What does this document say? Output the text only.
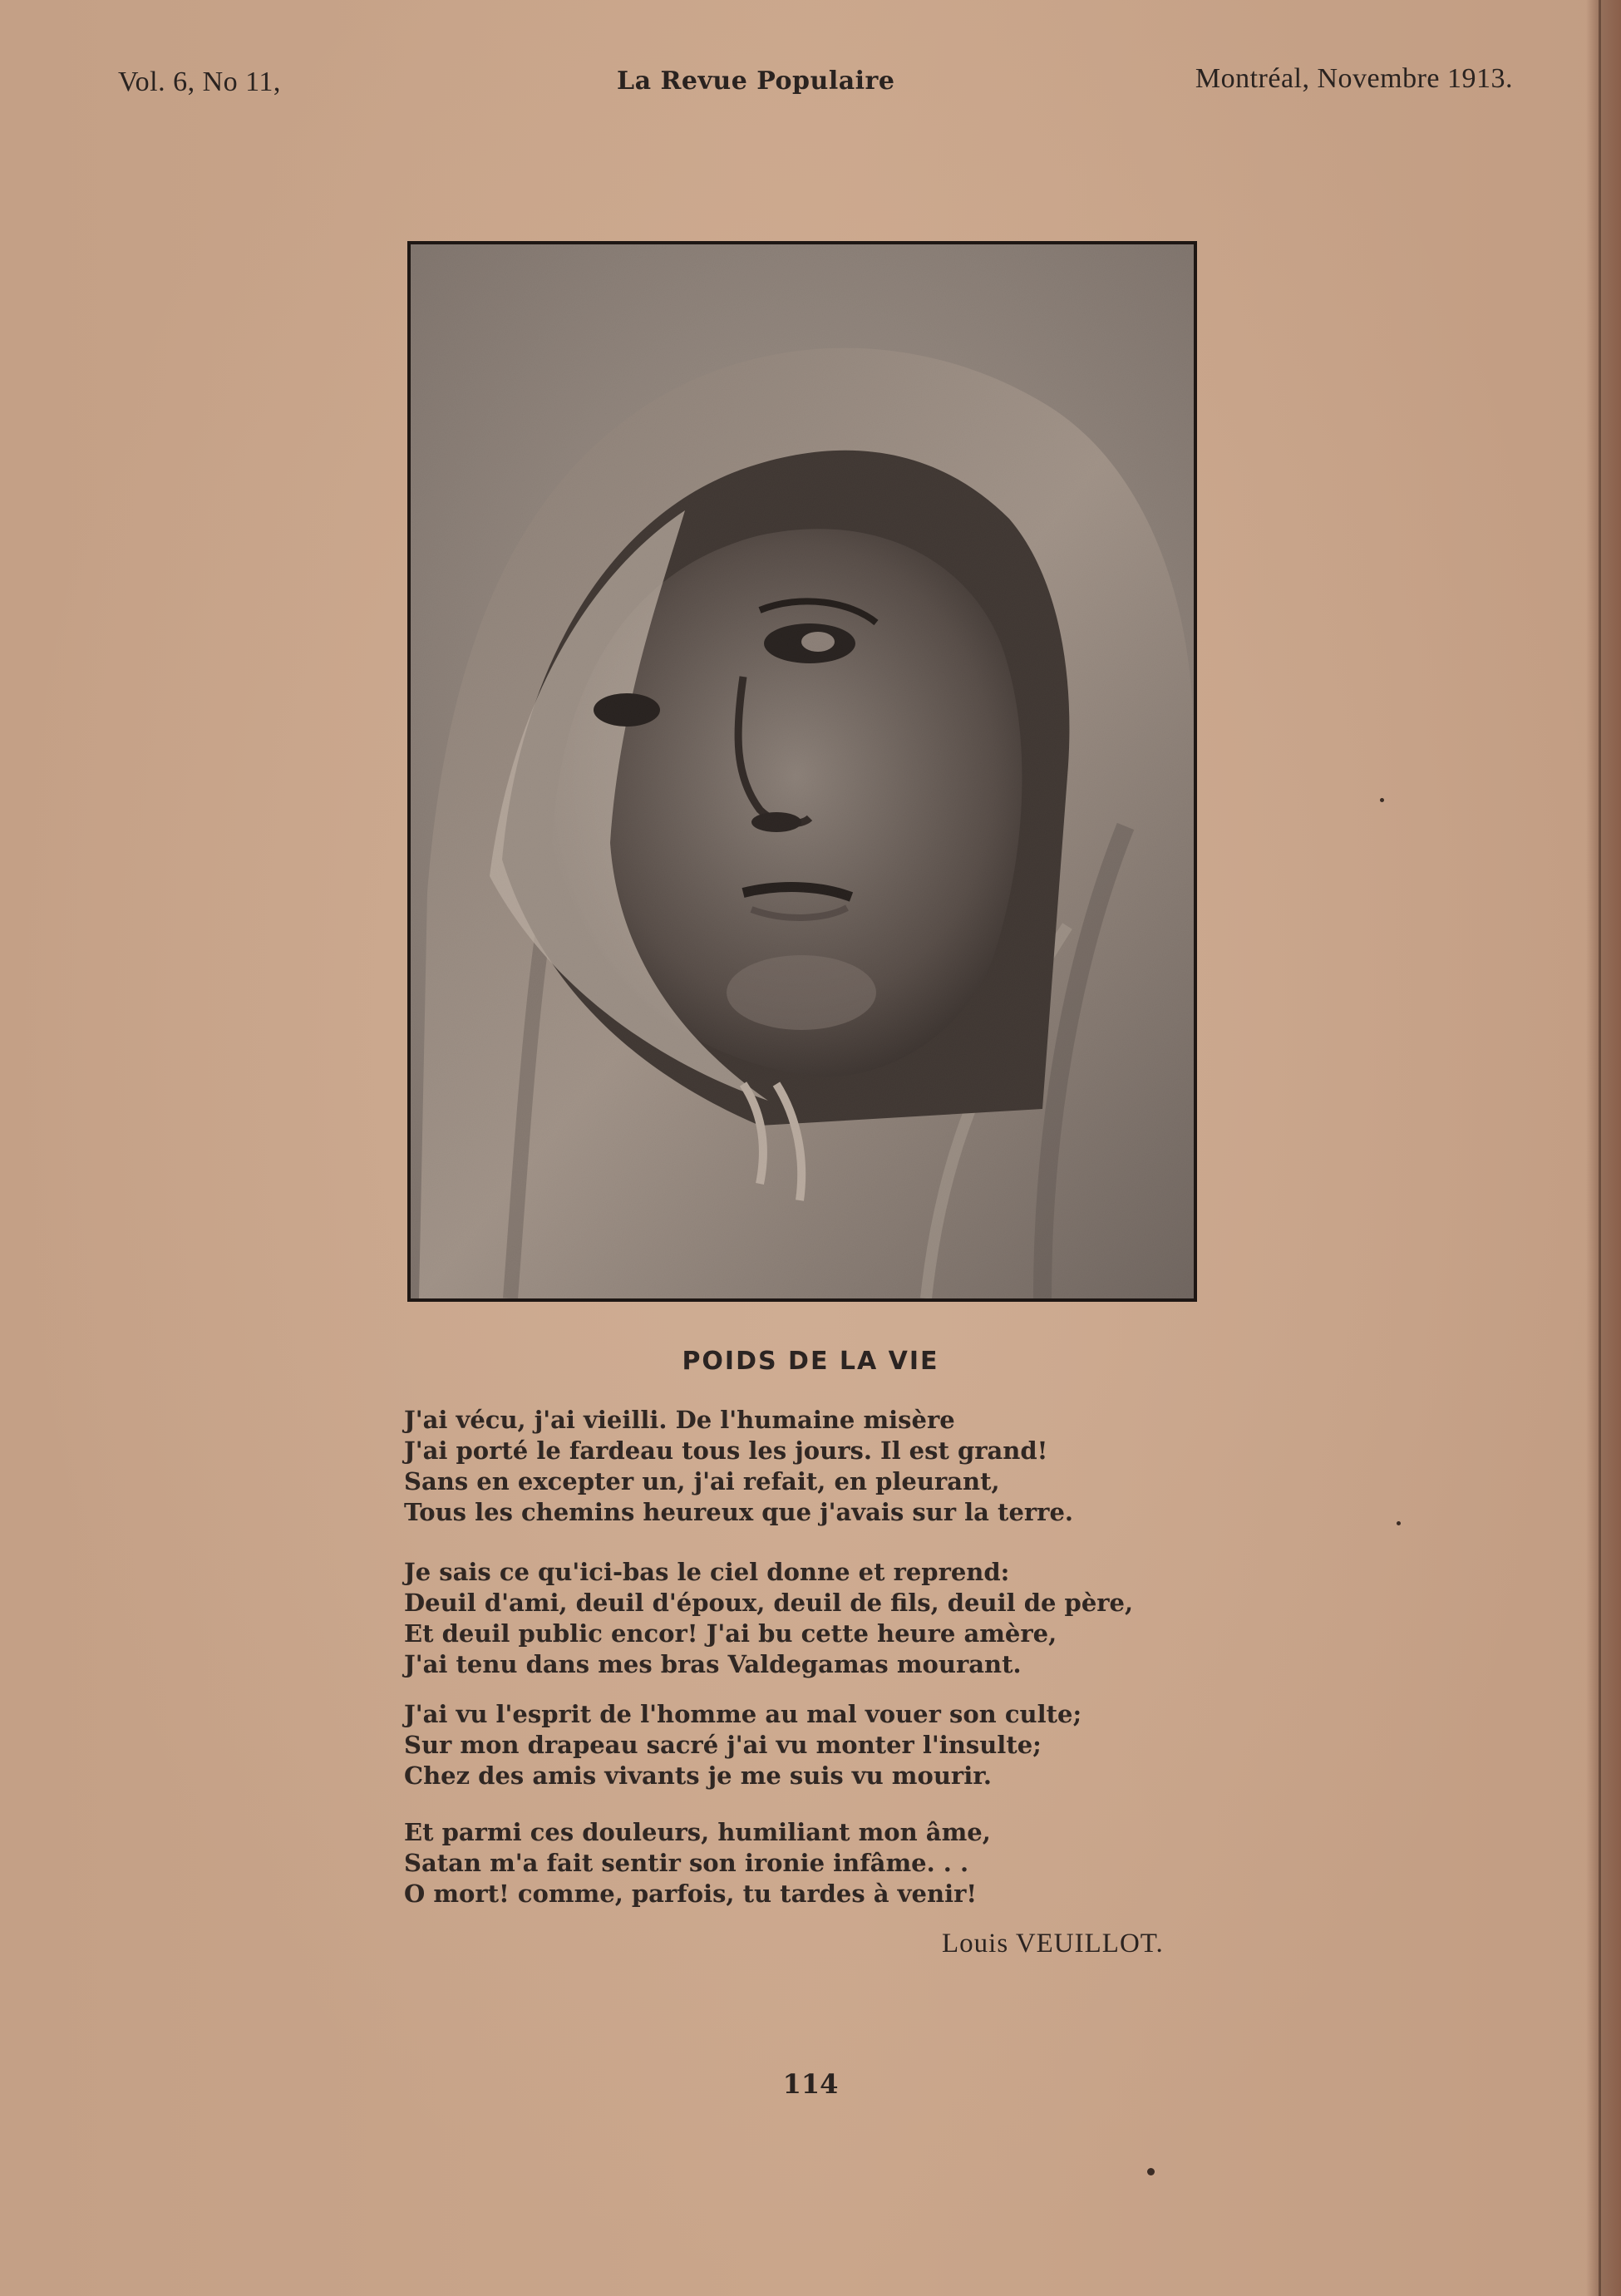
Vol. 6, No 11,	La Revue Populaire	Montréal, Novembre 1913.
POIDS DE LA VIE
J'ai vécu, j'ai vieilli. De l'humaine misère
J'ai porté le fardeau tous les jours. Il est grand!
Sans en excepter un, j'ai refait, en pleurant,
Tous les chemins heureux que j'avais sur la terre.
Je sais ce qu'ici-bas le ciel donne et reprend:
Deuil d'ami, deuil d'époux, deuil de fils, deuil de père,
Et deuil public encor! J'ai bu cette heure amère,
J'ai tenu dans mes bras Valdegamas mourant.
J'ai vu l'esprit de l'homme au mal vouer son culte;
Sur mon drapeau sacré j'ai vu monter l'insulte;
Chez des amis vivants je me suis vu mourir.
Et parmi ces douleurs, humiliant mon âme,
Satan m'a fait sentir son ironie infâme. . .
O mort! comme, parfois, tu tardes à venir!
Louis VEUILLOT.
114
